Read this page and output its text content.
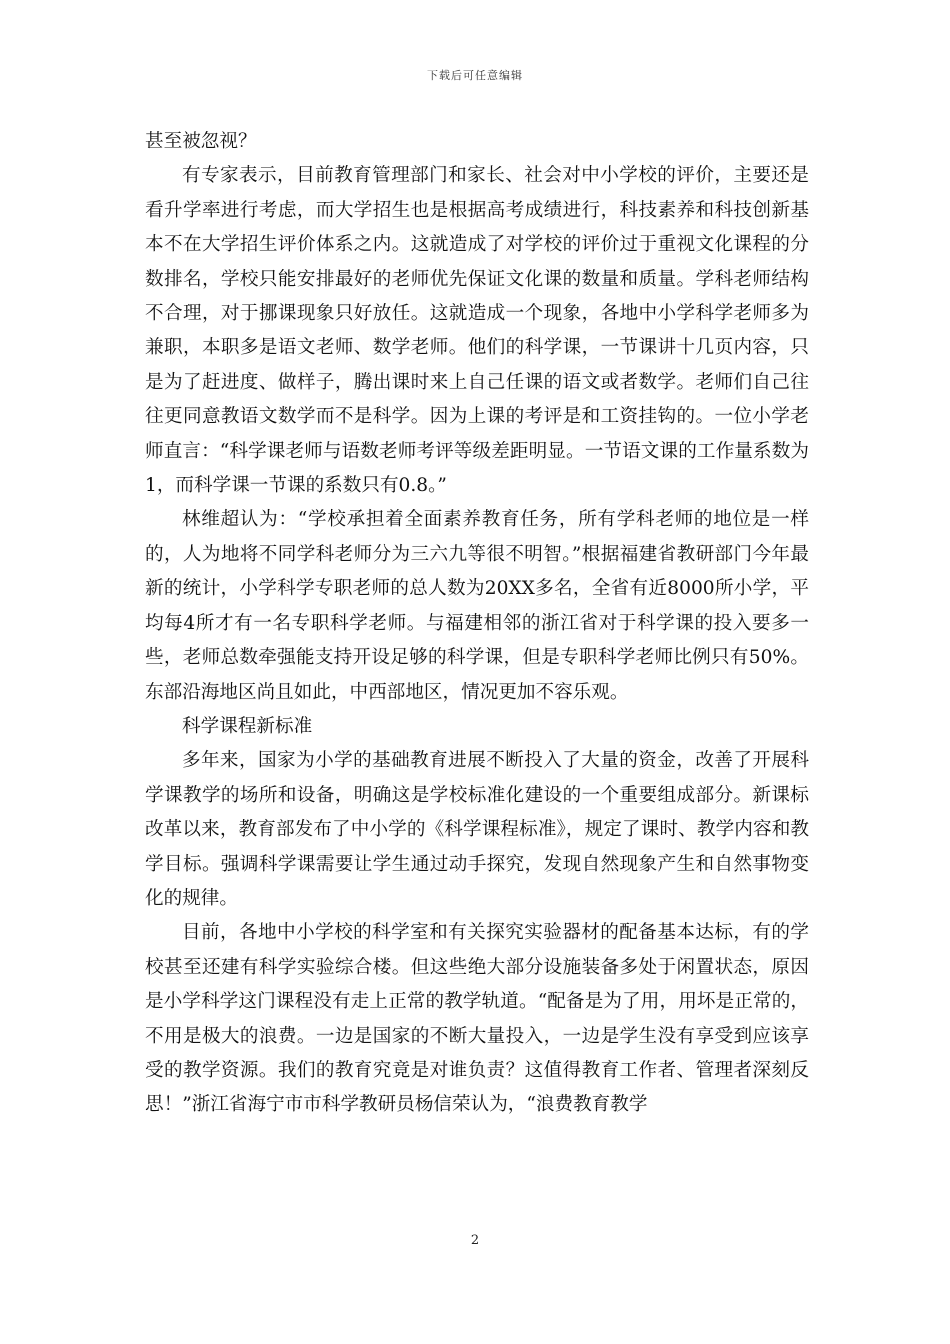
下载后可任意编辑

甚至被忽视？

有专家表示，目前教育管理部门和家长、社会对中小学校的评价，主要还是看升学率进行考虑，而大学招生也是根据高考成绩进行，科技素养和科技创新基本不在大学招生评价体系之内。这就造成了对学校的评价过于重视文化课程的分数排名，学校只能安排最好的老师优先保证文化课的数量和质量。学科老师结构不合理，对于挪课现象只好放任。这就造成一个现象，各地中小学科学老师多为兼职，本职多是语文老师、数学老师。他们的科学课，一节课讲十几页内容，只是为了赶进度、做样子，腾出课时来上自己任课的语文或者数学。老师们自己往往更同意教语文数学而不是科学。因为上课的考评是和工资挂钩的。一位小学老师直言：“科学课老师与语数老师考评等级差距明显。一节语文课的工作量系数为1，而科学课一节课的系数只有0.8。”

林维超认为：“学校承担着全面素养教育任务，所有学科老师的地位是一样的，人为地将不同学科老师分为三六九等很不明智。”根据福建省教研部门今年最新的统计，小学科学专职老师的总人数为20XX多名，全省有近8000所小学，平均每4所才有一名专职科学老师。与福建相邻的浙江省对于科学课的投入要多一些，老师总数牵强能支持开设足够的科学课，但是专职科学老师比例只有50%。东部沿海地区尚且如此，中西部地区，情况更加不容乐观。

科学课程新标准

多年来，国家为小学的基础教育进展不断投入了大量的资金，改善了开展科学课教学的场所和设备，明确这是学校标准化建设的一个重要组成部分。新课标改革以来，教育部发布了中小学的《科学课程标准》，规定了课时、教学内容和教学目标。强调科学课需要让学生通过动手探究，发现自然现象产生和自然事物变化的规律。

目前，各地中小学校的科学室和有关探究实验器材的配备基本达标，有的学校甚至还建有科学实验综合楼。但这些绝大部分设施装备多处于闲置状态，原因是小学科学这门课程没有走上正常的教学轨道。“配备是为了用，用坏是正常的，不用是极大的浪费。一边是国家的不断大量投入，一边是学生没有享受到应该享受的教学资源。我们的教育究竟是对谁负责？这值得教育工作者、管理者深刻反思！”浙江省海宁市市科学教研员杨信荣认为，“浪费教育教学

2
